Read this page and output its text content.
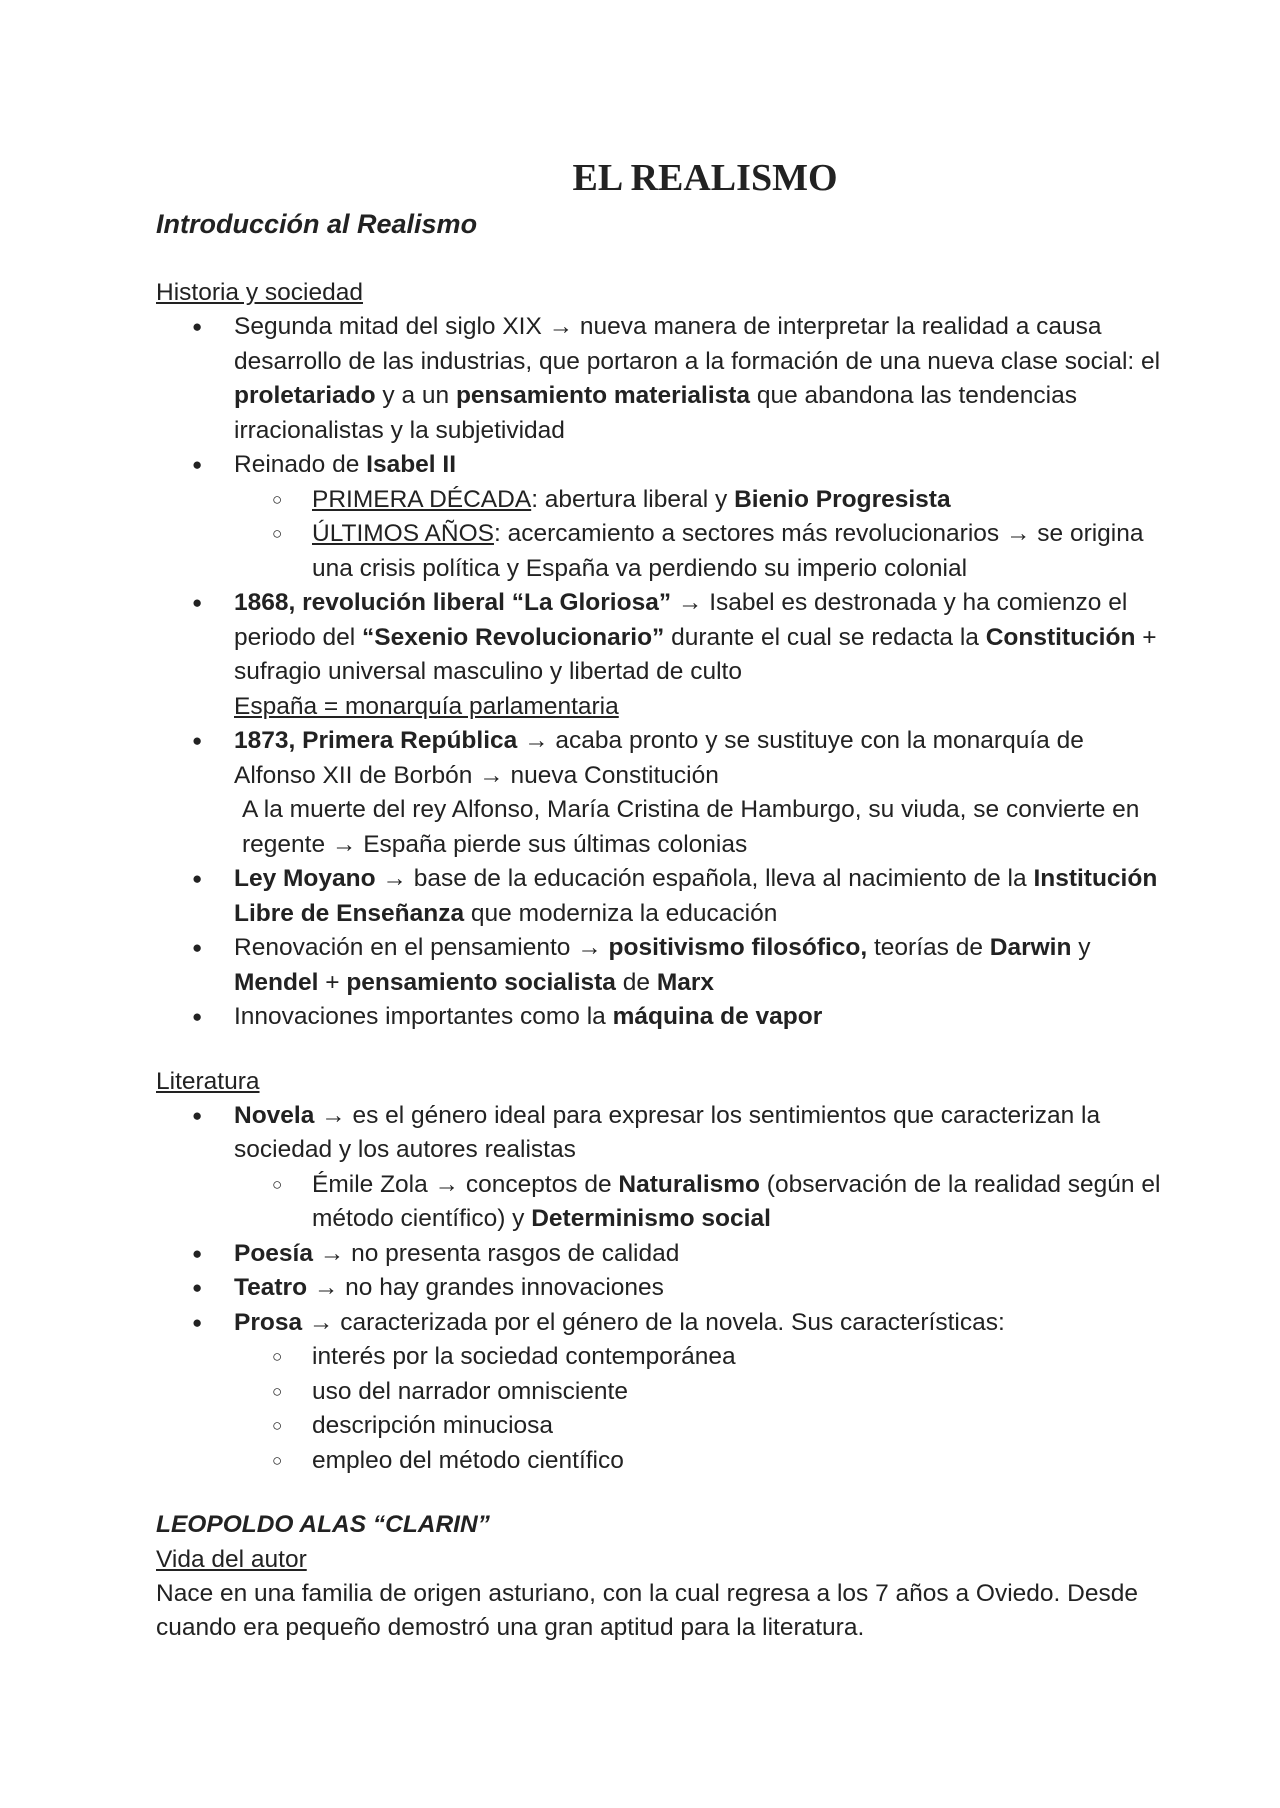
EL REALISMO

Introducción al Realismo

Historia y sociedad

● Segunda mitad del siglo XIX → nueva manera de interpretar la realidad a causa desarrollo de las industrias, que portaron a la formación de una nueva clase social: el proletariado y a un pensamiento materialista que abandona las tendencias irracionalistas y la subjetividad
● Reinado de Isabel II
○ PRIMERA DÉCADA: abertura liberal y Bienio Progresista
○ ÚLTIMOS AÑOS: acercamiento a sectores más revolucionarios → se origina una crisis política y España va perdiendo su imperio colonial
● 1868, revolución liberal “La Gloriosa” → Isabel es destronada y ha comienzo el periodo del “Sexenio Revolucionario” durante el cual se redacta la Constitución + sufragio universal masculino y libertad de culto
España = monarquía parlamentaria
● 1873, Primera República → acaba pronto y se sustituye con la monarquía de Alfonso XII de Borbón → nueva Constitución

A la muerte del rey Alfonso, María Cristina de Hamburgo, su viuda, se convierte en regente → España pierde sus últimas colonias

● Ley Moyano → base de la educación española, lleva al nacimiento de la Institución Libre de Enseñanza que moderniza la educación
● Renovación en el pensamiento → positivismo filosófico, teorías de Darwin y Mendel + pensamiento socialista de Marx
● Innovaciones importantes como la máquina de vapor

Literatura

● Novela → es el género ideal para expresar los sentimientos que caracterizan la sociedad y los autores realistas
○ Émile Zola → conceptos de Naturalismo (observación de la realidad según el método científico) y Determinismo social
● Poesía → no presenta rasgos de calidad
● Teatro → no hay grandes innovaciones
● Prosa → caracterizada por el género de la novela. Sus características:
○ interés por la sociedad contemporánea
○ uso del narrador omnisciente
○ descripción minuciosa
○ empleo del método científico

LEOPOLDO ALAS “CLARIN”

Vida del autor

Nace en una familia de origen asturiano, con la cual regresa a los 7 años a Oviedo. Desde cuando era pequeño demostró una gran aptitud para la literatura.
